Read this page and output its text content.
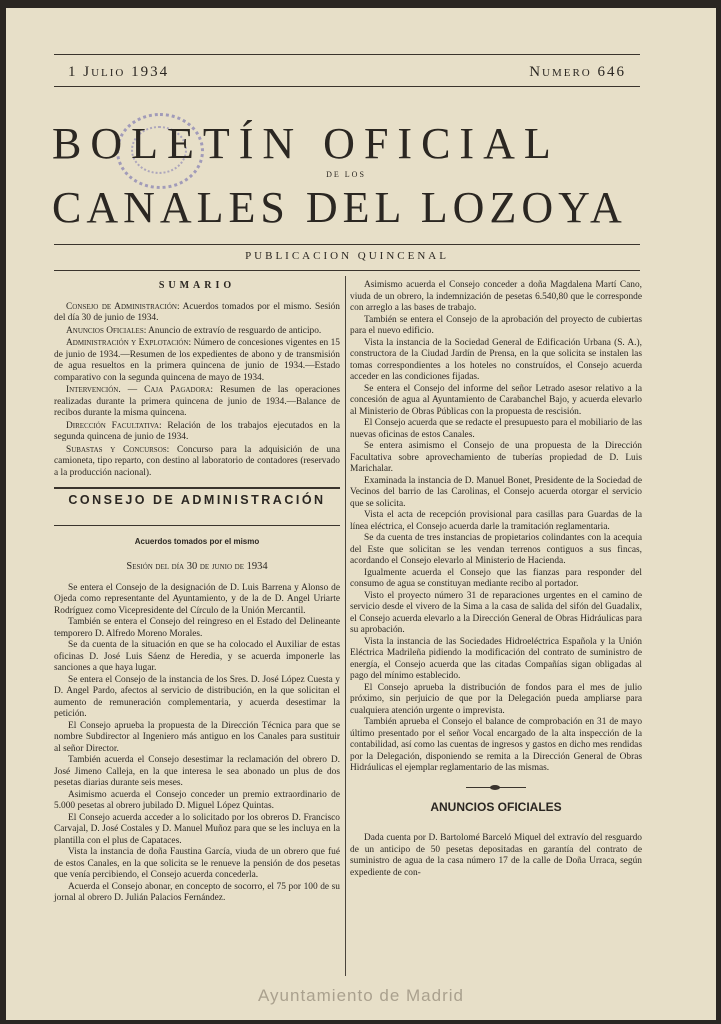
1 Julio 1934	Numero 646
BOLETÍN OFICIAL
DE LOS
CANALES DEL LOZOYA
PUBLICACION QUINCENAL
SUMARIO

Consejo de Administración: Acuerdos tomados por el mismo. Sesión del día 30 de junio de 1934.

Anuncios Oficiales: Anuncio de extravío de resguardo de anticipo.

Administración y Explotación: Número de concesiones vigentes en 15 de junio de 1934.—Resumen de los expedientes de abono y de transmisión de agua resueltos en la primera quincena de junio de 1934.—Estado comparativo con la segunda quincena de mayo de 1934.

Intervención. — Caja Pagadora: Resumen de las operaciones realizadas durante la primera quincena de junio de 1934.—Balance de recibos durante la misma quincena.

Dirección Facultativa: Relación de los trabajos ejecutados en la segunda quincena de junio de 1934.

Subastas y Concursos: Concurso para la adquisición de una camioneta, tipo reparto, con destino al laboratorio de contadores (reservado a la producción nacional).

CONSEJO DE ADMINISTRACIÓN
Acuerdos tomados por el mismo
Sesión del día 30 de junio de 1934

Se entera el Consejo de la designación de D. Luis Barrena y Alonso de Ojeda como representante del Ayuntamiento, y de la de D. Angel Uriarte Rodríguez como Vicepresidente del Círculo de la Unión Mercantil.

También se entera el Consejo del reingreso en el Estado del Delineante temporero D. Alfredo Moreno Morales.

Se da cuenta de la situación en que se ha colocado el Auxiliar de estas oficinas D. José Luis Sáenz de Heredia, y se acuerda imponerle las sanciones a que haya lugar.

Se entera el Consejo de la instancia de los Sres. D. José López Cuesta y D. Angel Pardo, afectos al servicio de distribución, en la que solicitan el aumento de remuneración complementaria, y acuerda desestimar la petición.

El Consejo aprueba la propuesta de la Dirección Técnica para que se nombre Subdirector al Ingeniero más antiguo en los Canales para sustituir al señor Director.

También acuerda el Consejo desestimar la reclamación del obrero D. José Jimeno Calleja, en la que interesa le sea abonado un plus de dos pesetas diarias durante seis meses.

Asimismo acuerda el Consejo conceder un premio extraordinario de 5.000 pesetas al obrero jubilado D. Miguel López Quintas.

El Consejo acuerda acceder a lo solicitado por los obreros D. Francisco Carvajal, D. José Costales y D. Manuel Muñoz para que se les incluya en la plantilla con el plus de Capataces.

Vista la instancia de doña Faustina García, viuda de un obrero que fué de estos Canales, en la que solicita se le renueve la pensión de dos pesetas que venía percibiendo, el Consejo acuerda concederla.

Acuerda el Consejo abonar, en concepto de socorro, el 75 por 100 de su jornal al obrero D. Julián Palacios Fernández.

Asimismo acuerda el Consejo conceder a doña Magdalena Martí Cano, viuda de un obrero, la indemnización de pesetas 6.540,80 que le corresponde con arreglo a las bases de trabajo.

También se entera el Consejo de la aprobación del proyecto de cubiertas para el nuevo edificio.

Vista la instancia de la Sociedad General de Edificación Urbana (S. A.), constructora de la Ciudad Jardín de Prensa, en la que solicita se instalen las tomas correspondientes a los hoteles no construídos, el Consejo acuerda acceder en las condiciones fijadas.

Se entera el Consejo del informe del señor Letrado asesor relativo a la concesión de agua al Ayuntamiento de Carabanchel Bajo, y acuerda elevarlo al Ministerio de Obras Públicas con la propuesta de rescisión.

El Consejo acuerda que se redacte el presupuesto para el mobiliario de las nuevas oficinas de estos Canales.

Se entera asimismo el Consejo de una propuesta de la Dirección Facultativa sobre aprovechamiento de tuberías propiedad de D. Luis Marichalar.

Examinada la instancia de D. Manuel Bonet, Presidente de la Sociedad de Vecinos del barrio de las Carolinas, el Consejo acuerda otorgar el servicio que se solicita.

Vista el acta de recepción provisional para casillas para Guardas de la línea eléctrica, el Consejo acuerda darle la tramitación reglamentaria.

Se da cuenta de tres instancias de propietarios colindantes con la acequia del Este que solicitan se les vendan terrenos contiguos a sus fincas, acordando el Consejo elevarlo al Ministerio de Hacienda.

Igualmente acuerda el Consejo que las fianzas para responder del consumo de agua se constituyan mediante recibo al portador.

Visto el proyecto número 31 de reparaciones urgentes en el camino de servicio desde el vivero de la Sima a la casa de salida del sifón del Guadalix, el Consejo acuerda elevarlo a la Dirección General de Obras Hidráulicas para su aprobación.

Vista la instancia de las Sociedades Hidroeléctrica Española y la Unión Eléctrica Madrileña pidiendo la modificación del contrato de suministro de energía, el Consejo acuerda que las citadas Compañías sigan obligadas al pago del mínimo establecido.

El Consejo aprueba la distribución de fondos para el mes de julio próximo, sin perjuicio de que por la Delegación pueda ampliarse para cualquiera atención urgente o imprevista.

También aprueba el Consejo el balance de comprobación en 31 de mayo último presentado por el señor Vocal encargado de la alta inspección de la contabilidad, así como las cuentas de ingresos y gastos en dicho mes rendidas por la Delegación, disponiendo se remita a la Dirección General de Obras Hidráulicas el ejemplar reglamentario de las mismas.

ANUNCIOS OFICIALES

Dada cuenta por D. Bartolomé Barceló Miquel del extravío del resguardo de un anticipo de 50 pesetas depositadas en garantía del contrato de suministro de agua de la casa número 17 de la calle de Doña Urraca, según expediente de con-

Ayuntamiento de Madrid
